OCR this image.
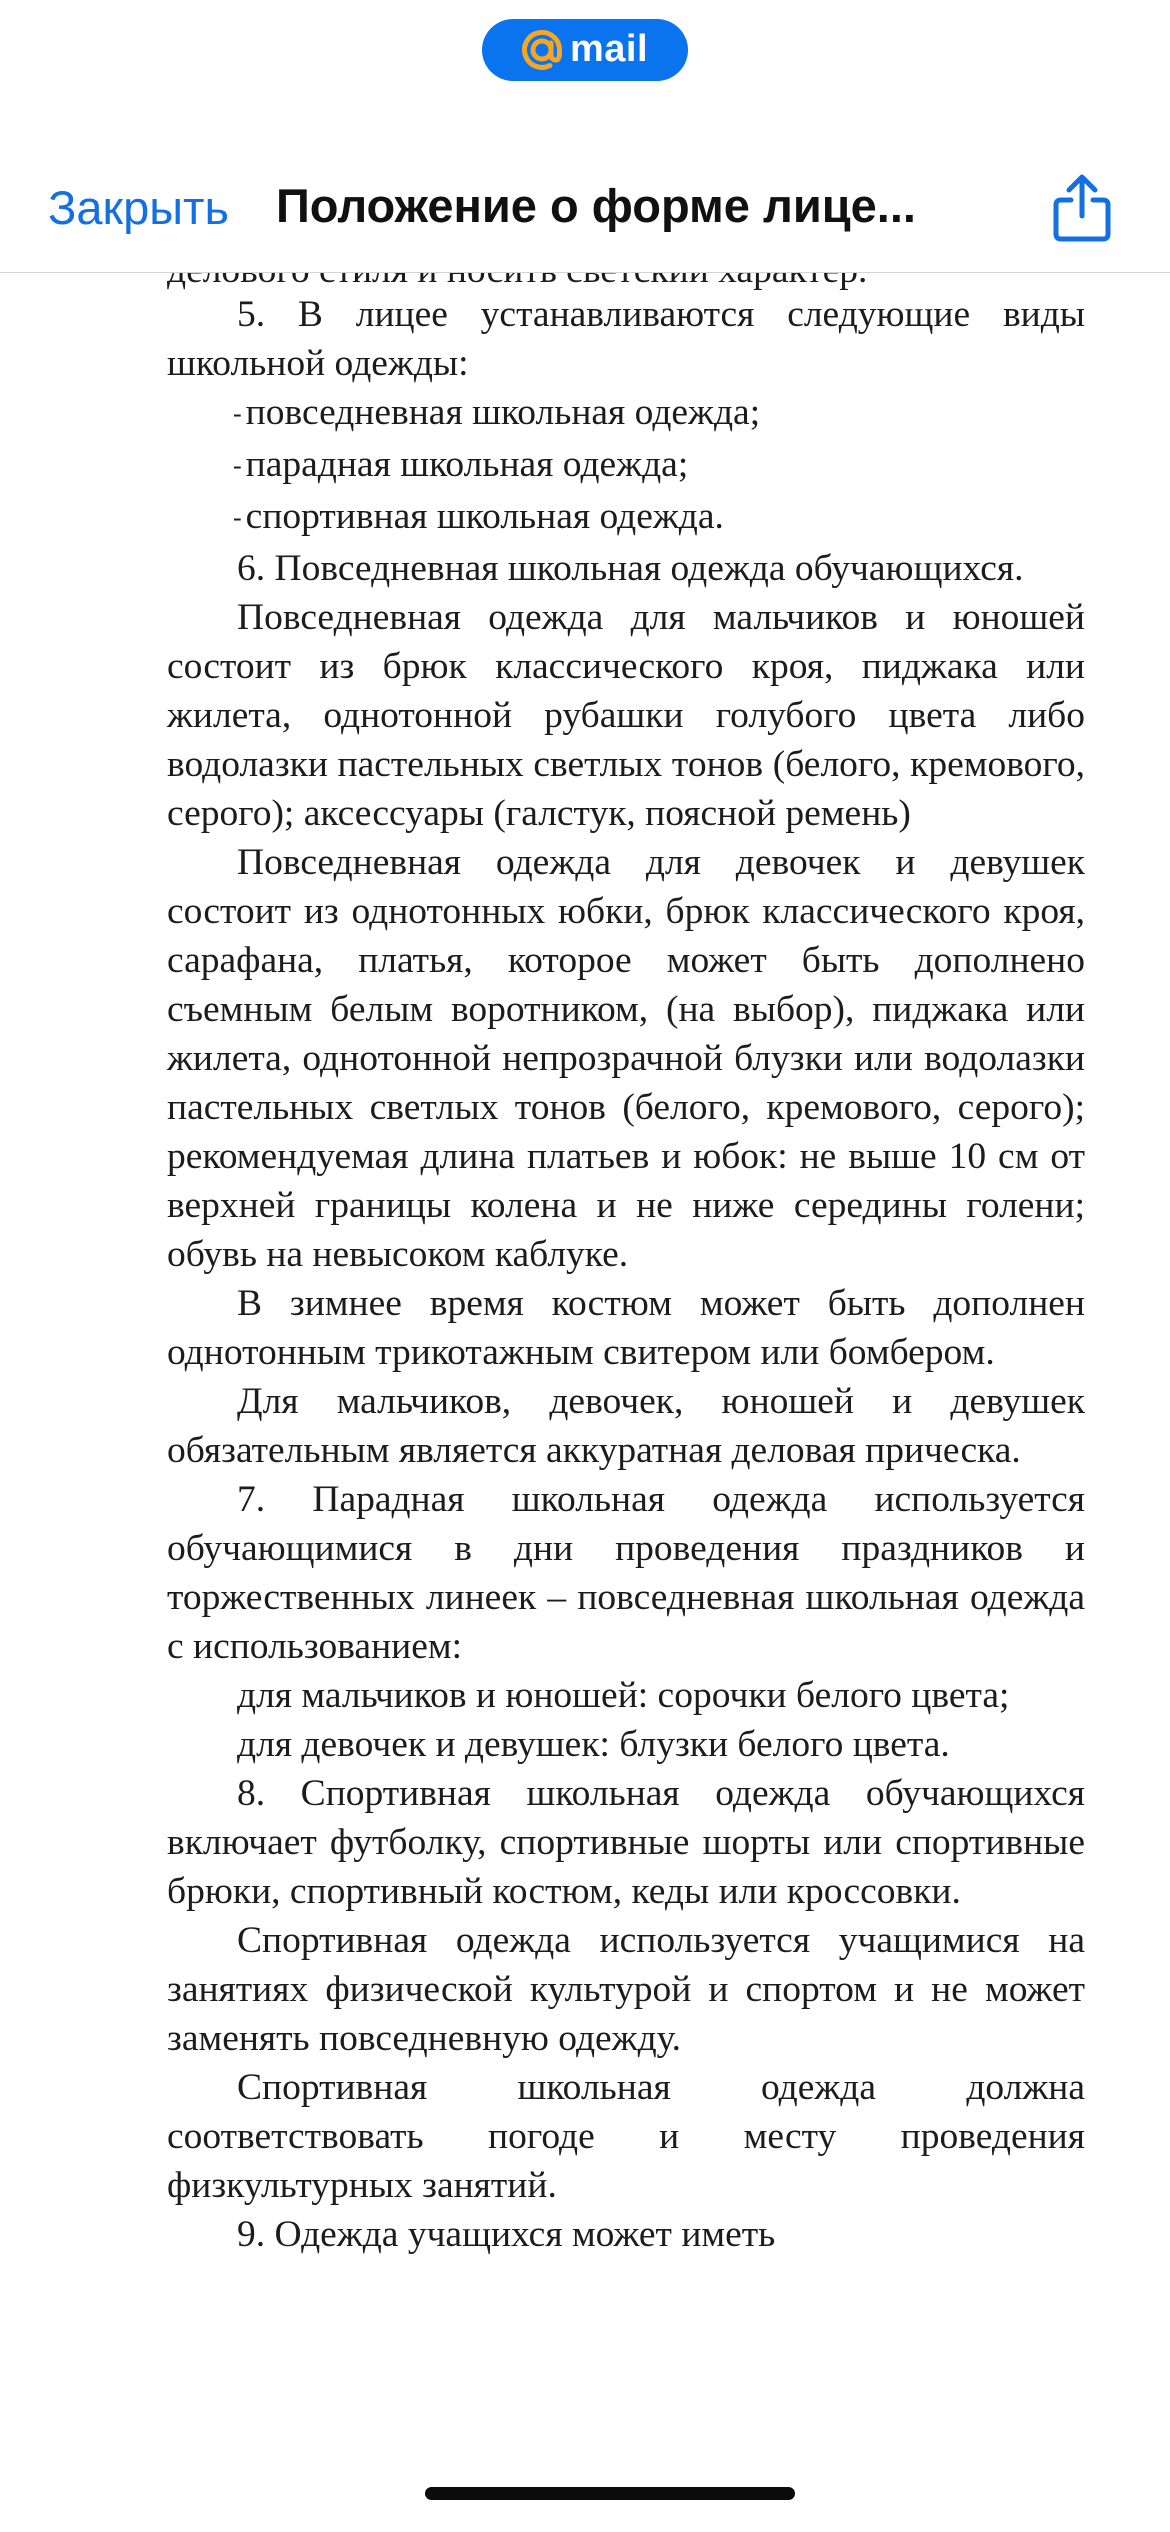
5. В лицее устанавливаются следующие виды школьной одежды:

- повседневная школьная одежда;

- парадная школьная одежда;

- спортивная школьная одежда.

6. Повседневная школьная одежда обучающихся.

Повседневная одежда для мальчиков и юношей состоит из брюк классического кроя, пиджака или жилета, однотонной рубашки голубого цвета либо водолазки пастельных светлых тонов (белого, кремового, серого); аксессуары (галстук, поясной ремень)

Повседневная одежда для девочек и девушек состоит из однотонных юбки, брюк классического кроя, сарафана, платья, которое может быть дополнено съемным белым воротником, (на выбор), пиджака или жилета, однотонной непрозрачной блузки или водолазки пастельных светлых тонов (белого, кремового, серого); рекомендуемая длина платьев и юбок: не выше 10 см от верхней границы колена и не ниже середины голени; обувь на невысоком каблуке.

В зимнее время костюм может быть дополнен однотонным трикотажным свитером или бомбером.

Для мальчиков, девочек, юношей и девушек обязательным является аккуратная деловая прическа.

7. Парадная школьная одежда используется обучающимися в дни проведения праздников и торжественных линеек – повседневная школьная одежда с использованием:

для мальчиков и юношей: сорочки белого цвета;

для девочек и девушек: блузки белого цвета.

8. Спортивная школьная одежда обучающихся включает футболку, спортивные шорты или спортивные брюки, спортивный костюм, кеды или кроссовки.

Спортивная одежда используется учащимися на занятиях физической культурой и спортом и не может заменять повседневную одежду.

Спортивная школьная одежда должна соответствовать погоде и месту проведения физкультурных занятий.

9. Одежда учащихся может иметь

mail
Закрыть Положение о форме лице...
